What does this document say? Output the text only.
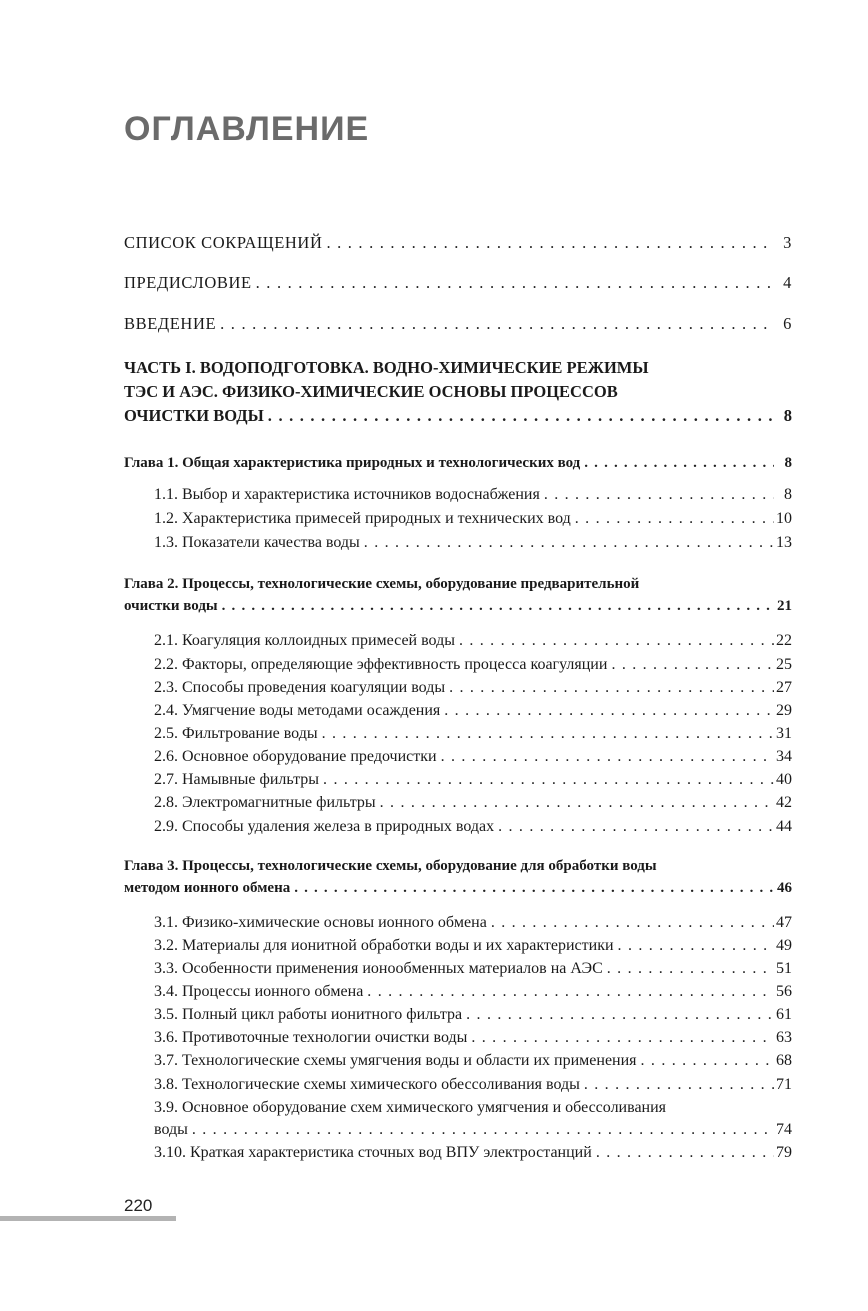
ОГЛАВЛЕНИЕ
СПИСОК СОКРАЩЕНИЙ . . .	3
ПРЕДИСЛОВИЕ . . .	4
ВВЕДЕНИЕ . . .	6
ЧАСТЬ I. ВОДОПОДГОТОВКА. ВОДНО-ХИМИЧЕСКИЕ РЕЖИМЫ
ТЭС И АЭС. ФИЗИКО-ХИМИЧЕСКИЕ ОСНОВЫ ПРОЦЕССОВ
ОЧИСТКИ ВОДЫ . . .	8
Глава 1. Общая характеристика природных и технологических вод . . .	8
1.1. Выбор и характеристика источников водоснабжения . . .	8
1.2. Характеристика примесей природных и технических вод . . .	10
1.3. Показатели качества воды . . .	13
Глава 2. Процессы, технологические схемы, оборудование предварительной
очистки воды . . .	21
2.1. Коагуляция коллоидных примесей воды . . .	22
2.2. Факторы, определяющие эффективность процесса коагуляции . . .	25
2.3. Способы проведения коагуляции воды . . .	27
2.4. Умягчение воды методами осаждения . . .	29
2.5. Фильтрование воды . . .	31
2.6. Основное оборудование предочистки . . .	34
2.7. Намывные фильтры . . .	40
2.8. Электромагнитные фильтры . . .	42
2.9. Способы удаления железа в природных водах . . .	44
Глава 3. Процессы, технологические схемы, оборудование для обработки воды
методом ионного обмена . . .	46
3.1. Физико-химические основы ионного обмена . . .	47
3.2. Материалы для ионитной обработки воды и их характеристики . . .	49
3.3. Особенности применения ионообменных материалов на АЭС . . .	51
3.4. Процессы ионного обмена . . .	56
3.5. Полный цикл работы ионитного фильтра . . .	61
3.6. Противоточные технологии очистки воды . . .	63
3.7. Технологические схемы умягчения воды и области их применения . . .	68
3.8. Технологические схемы химического обессоливания воды . . .	71
3.9. Основное оборудование схем химического умягчения и обессоливания
воды . . .	74
3.10. Краткая характеристика сточных вод ВПУ электростанций . . .	79
220
